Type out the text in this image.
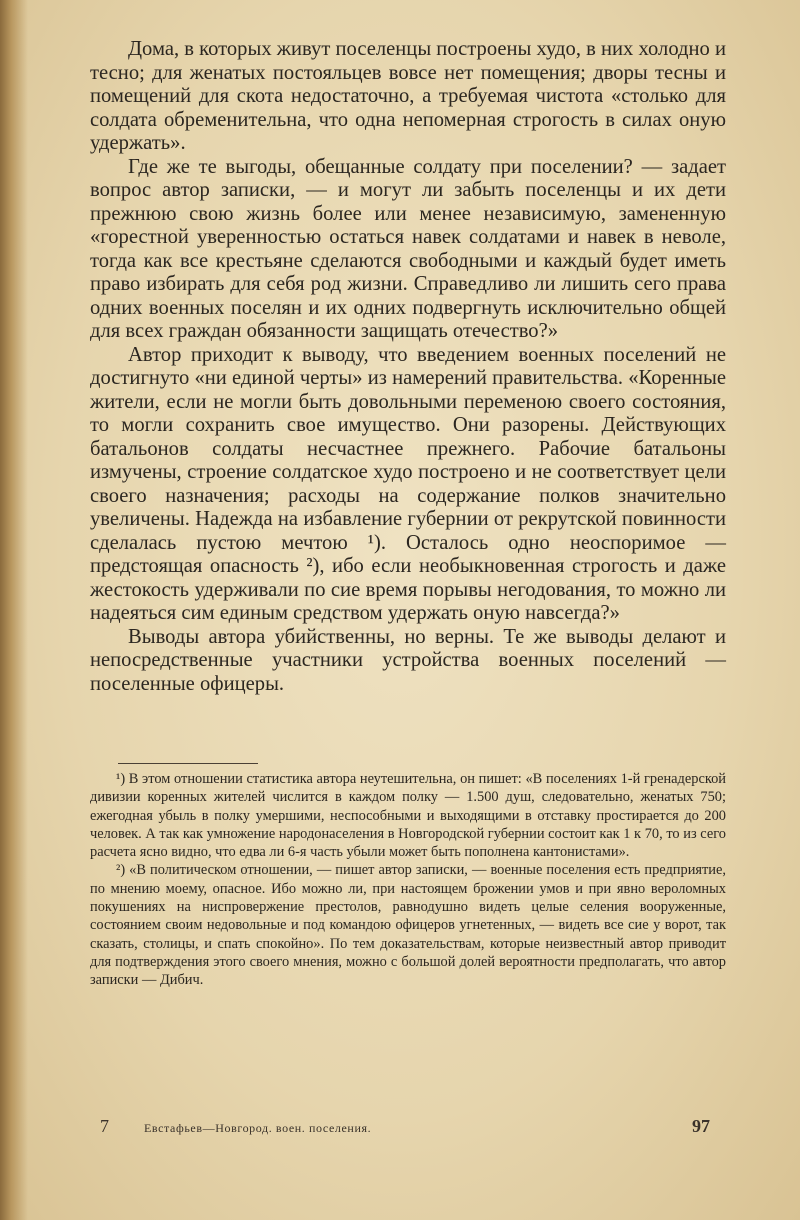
Дома, в которых живут поселенцы построены худо, в них холодно и тесно; для женатых постояльцев вовсе нет помещения; дворы тесны и помещений для скота недостаточно, а требуемая чистота «столько для солдата обременительна, что одна непомерная строгость в силах оную удержать».

Где же те выгоды, обещанные солдату при поселении? — задает вопрос автор записки, — и могут ли забыть поселенцы и их дети прежнюю свою жизнь более или менее независимую, замененную «горестной уверенностью остаться навек солдатами и навек в неволе, тогда как все крестьяне сделаются свободными и каждый будет иметь право избирать для себя род жизни. Справедливо ли лишить сего права одних военных поселян и их одних подвергнуть исключительно общей для всех граждан обязанности защищать отечество?»

Автор приходит к выводу, что введением военных поселений не достигнуто «ни единой черты» из намерений правительства. «Коренные жители, если не могли быть довольными переменою своего состояния, то могли сохранить свое имущество. Они разорены. Действующих батальонов солдаты несчастнее прежнего. Рабочие батальоны измучены, строение солдатское худо построено и не соответствует цели своего назначения; расходы на содержание полков значительно увеличены. Надежда на избавление губернии от рекрутской повинности сделалась пустою мечтою ¹). Осталось одно неоспоримое — предстоящая опасность ²), ибо если необыкновенная строгость и даже жестокость удерживали по сие время порывы негодования, то можно ли надеяться сим единым средством удержать оную навсегда?»

Выводы автора убийственны, но верны. Те же выводы делают и непосредственные участники устройства военных поселений — поселенные офицеры.

¹) В этом отношении статистика автора неутешительна, он пишет: «В поселениях 1-й гренадерской дивизии коренных жителей числится в каждом полку — 1.500 душ, следовательно, женатых 750; ежегодная убыль в полку умершими, неспособными и выходящими в отставку простирается до 200 человек. А так как умножение народонаселения в Новгородской губернии состоит как 1 к 70, то из сего расчета ясно видно, что едва ли 6-я часть убыли может быть пополнена кантонистами».

²) «В политическом отношении, — пишет автор записки, — военные поселения есть предприятие, по мнению моему, опасное. Ибо можно ли, при настоящем брожении умов и при явно вероломных покушениях на ниспровержение престолов, равнодушно видеть целые селения вооруженные, состоянием своим недовольные и под командою офицеров угнетенных, — видеть все сие у ворот, так сказать, столицы, и спать спокойно». По тем доказательствам, которые неизвестный автор приводит для подтверждения этого своего мнения, можно с большой долей вероятности предполагать, что автор записки — Дибич.

7	Евстафьев—Новгород. воен. поселения.	97
